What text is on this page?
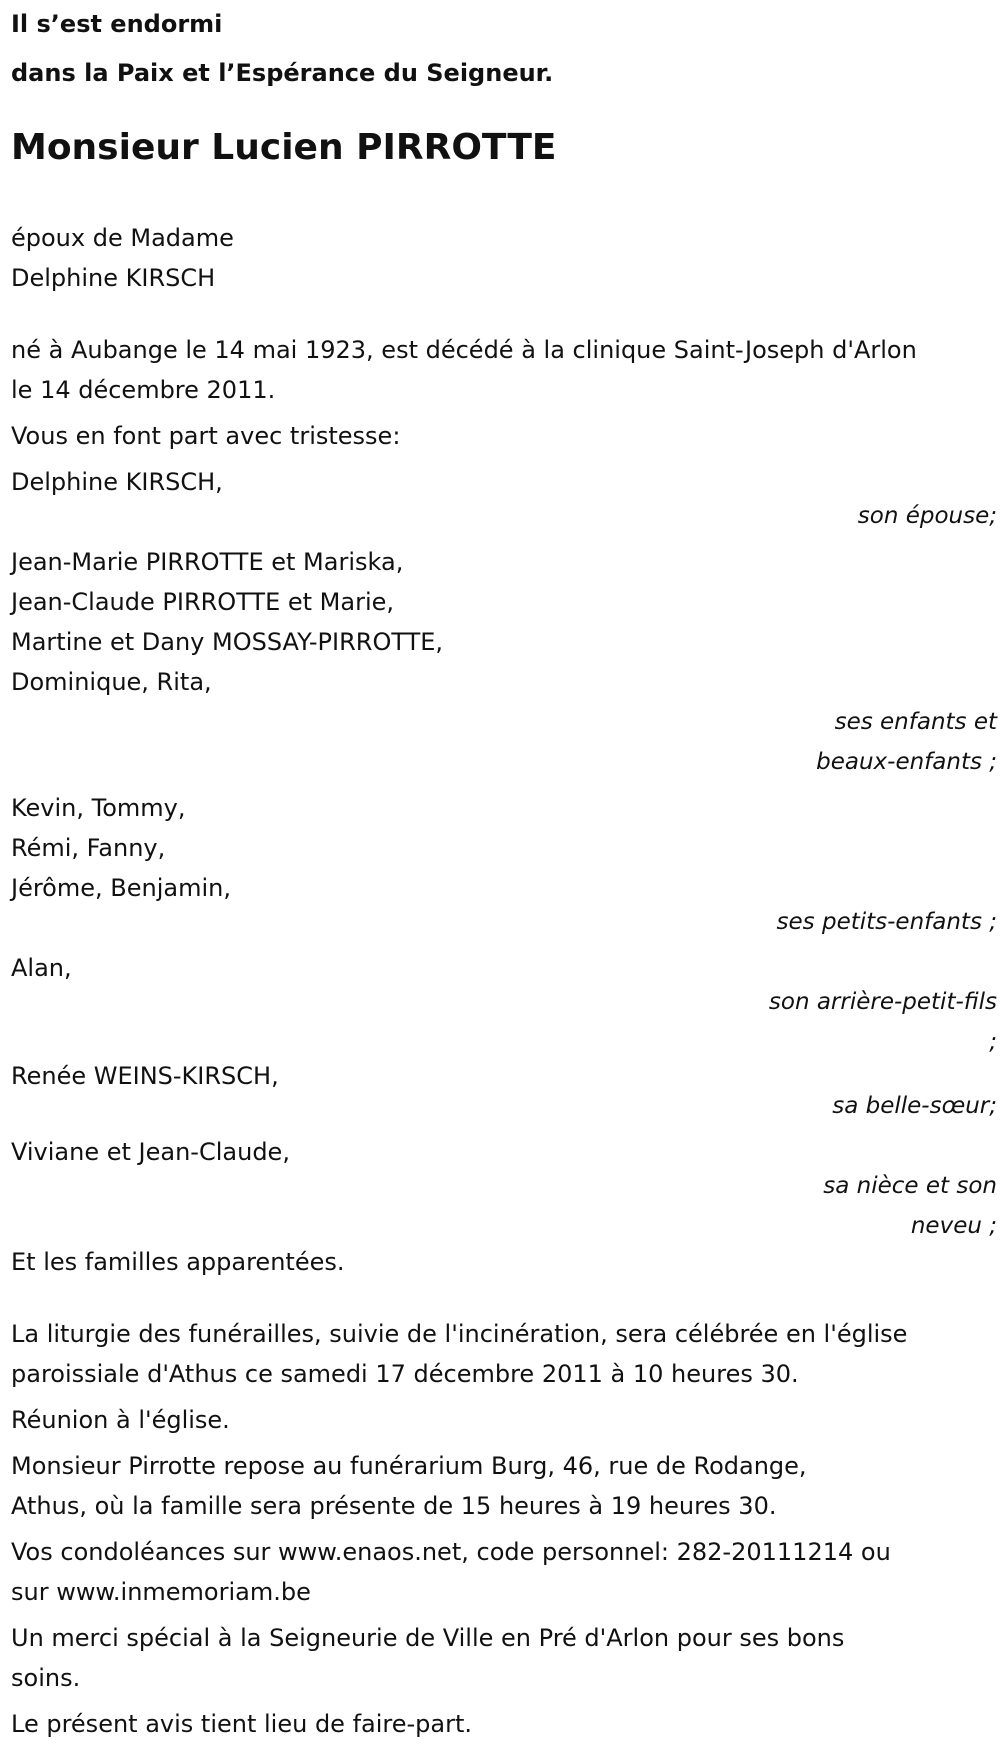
Il s’est endormi
dans la Paix et l’Espérance du Seigneur.
Monsieur Lucien PIRROTTE
époux de Madame
Delphine KIRSCH
né à Aubange le 14 mai 1923, est décédé à la clinique Saint-Joseph d'Arlon
le 14 décembre 2011.
Vous en font part avec tristesse:
Delphine KIRSCH,
son épouse;
Jean-Marie PIRROTTE et Mariska,
Jean-Claude PIRROTTE et Marie,
Martine et Dany MOSSAY-PIRROTTE,
Dominique, Rita,
ses enfants et
beaux-enfants ;
Kevin, Tommy,
Rémi, Fanny,
Jérôme, Benjamin,
ses petits-enfants ;
Alan,
son arrière-petit-fils
;
Renée WEINS-KIRSCH,
sa belle-sœur;
Viviane et Jean-Claude,
sa nièce et son
neveu ;
Et les familles apparentées.
La liturgie des funérailles, suivie de l'incinération, sera célébrée en l'église
paroissiale d'Athus ce samedi 17 décembre 2011 à 10 heures 30.
Réunion à l'église.
Monsieur Pirrotte repose au funérarium Burg, 46, rue de Rodange,
Athus, où la famille sera présente de 15 heures à 19 heures 30.
Vos condoléances sur www.enaos.net, code personnel: 282-20111214 ou
sur www.inmemoriam.be
Un merci spécial à la Seigneurie de Ville en Pré d'Arlon pour ses bons
soins.
Le présent avis tient lieu de faire-part.
